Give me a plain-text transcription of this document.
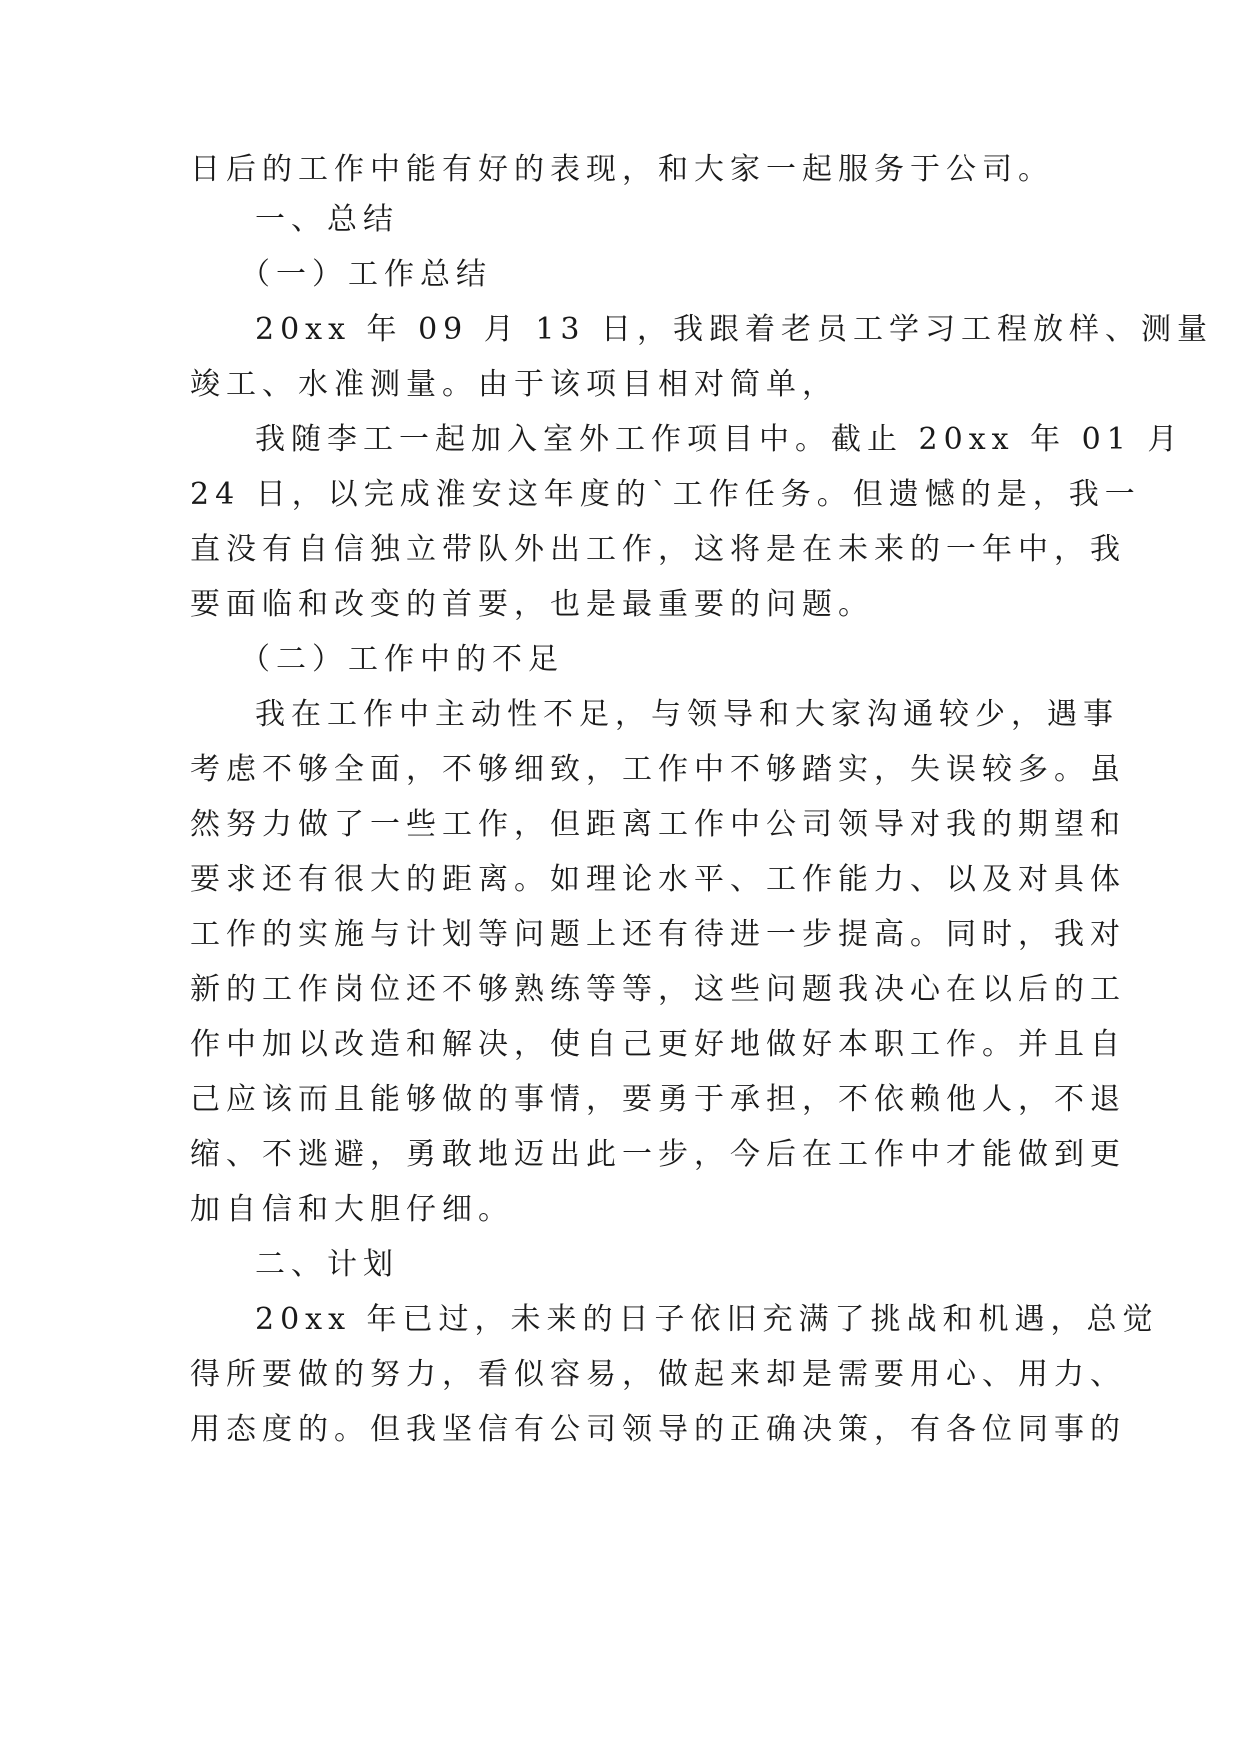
日后的工作中能有好的表现，和大家一起服务于公司。
一、总结
（一）工作总结
20xx 年 09 月 13 日，我跟着老员工学习工程放样、测量
竣工、水准测量。由于该项目相对简单，
我随李工一起加入室外工作项目中。截止 20xx 年 01 月
24 日，以完成淮安这年度的`工作任务。但遗憾的是，我一
直没有自信独立带队外出工作，这将是在未来的一年中，我
要面临和改变的首要，也是最重要的问题。
（二）工作中的不足
我在工作中主动性不足，与领导和大家沟通较少，遇事
考虑不够全面，不够细致，工作中不够踏实，失误较多。虽
然努力做了一些工作，但距离工作中公司领导对我的期望和
要求还有很大的距离。如理论水平、工作能力、以及对具体
工作的实施与计划等问题上还有待进一步提高。同时，我对
新的工作岗位还不够熟练等等，这些问题我决心在以后的工
作中加以改造和解决，使自己更好地做好本职工作。并且自
己应该而且能够做的事情，要勇于承担，不依赖他人，不退
缩、不逃避，勇敢地迈出此一步，今后在工作中才能做到更
加自信和大胆仔细。
二、计划
20xx 年已过，未来的日子依旧充满了挑战和机遇，总觉
得所要做的努力，看似容易，做起来却是需要用心、用力、
用态度的。但我坚信有公司领导的正确决策，有各位同事的
